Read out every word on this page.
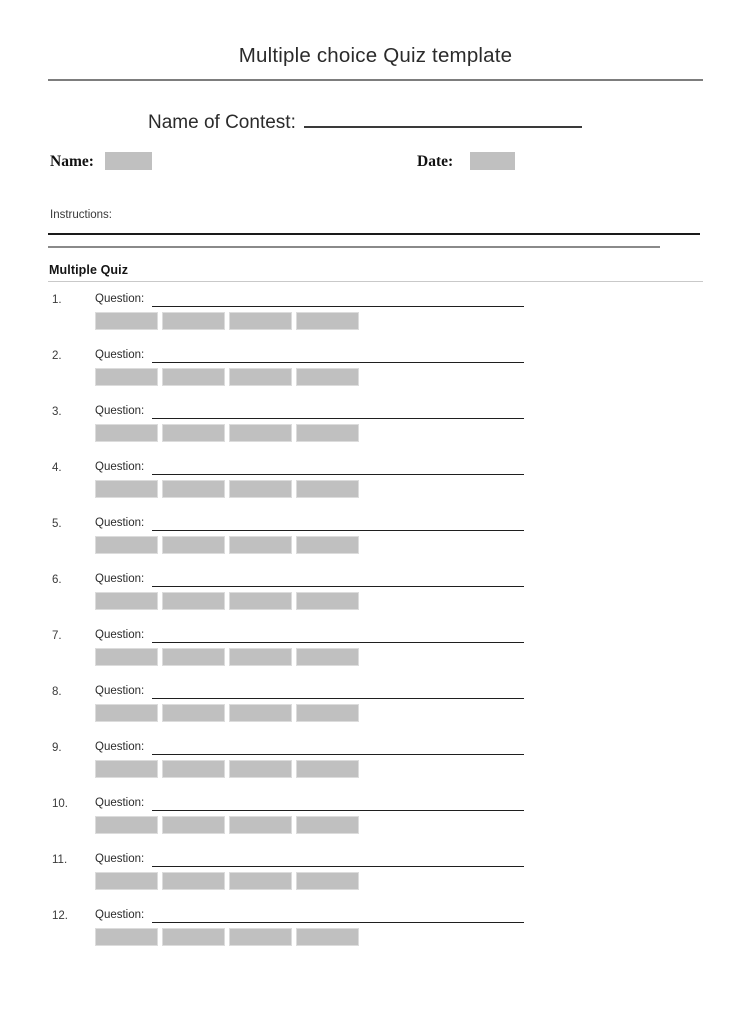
Multiple choice Quiz template
Name of Contest:
Name:	Date:
Instructions:
Multiple Quiz
1.	Question:
2.	Question:
3.	Question:
4.	Question:
5.	Question:
6.	Question:
7.	Question:
8.	Question:
9.	Question:
10. Question:
11. Question:
12. Question:
